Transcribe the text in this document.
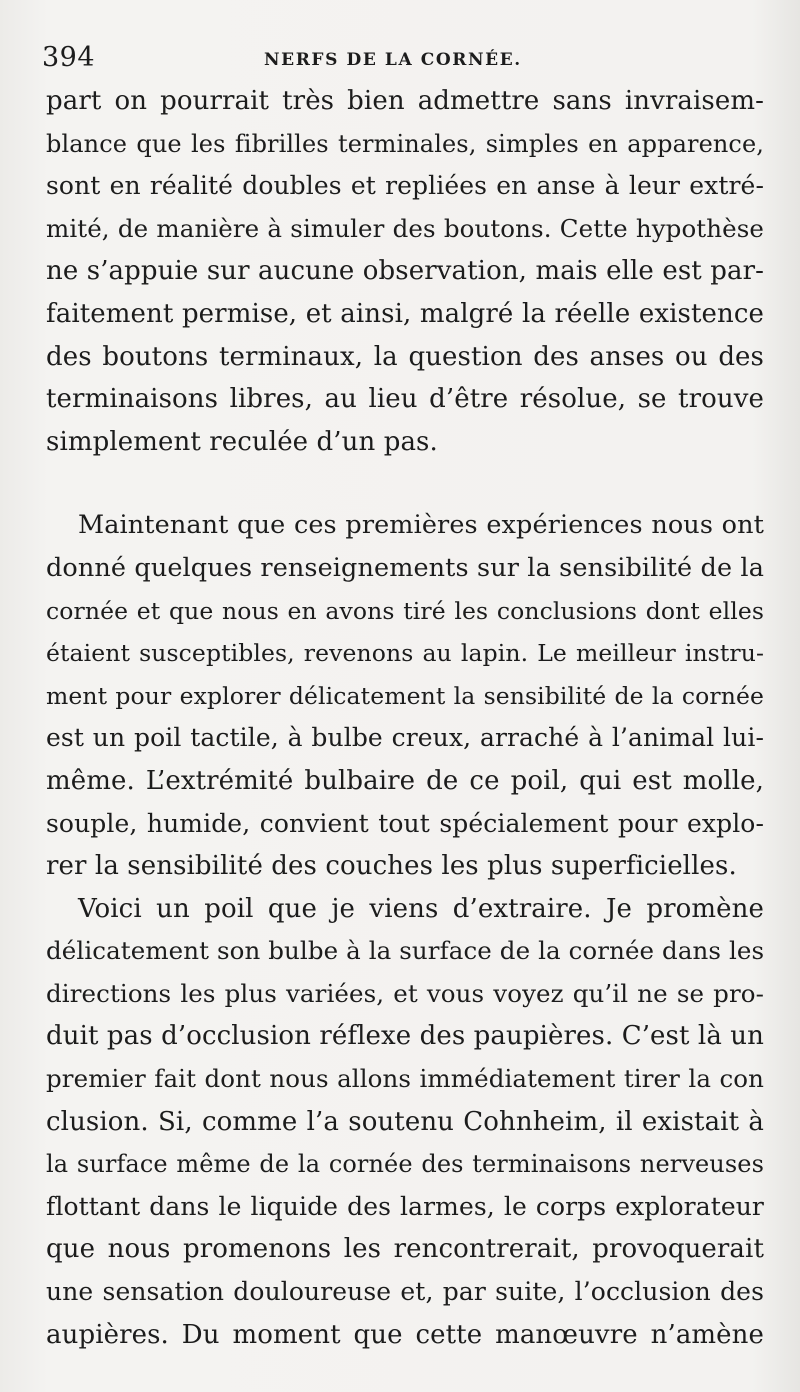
394	NERFS DE LA CORNÉE.
part on pourrait très bien admettre sans invraisem-
blance que les fibrilles terminales, simples en apparence,
sont en réalité doubles et repliées en anse à leur extré-
mité, de manière à simuler des boutons. Cette hypothèse
ne s’appuie sur aucune observation, mais elle est par-
faitement permise, et ainsi, malgré la réelle existence
des boutons terminaux, la question des anses ou des
terminaisons libres, au lieu d’être résolue, se trouve
simplement reculée d’un pas.
Maintenant que ces premières expériences nous ont
donné quelques renseignements sur la sensibilité de la
cornée et que nous en avons tiré les conclusions dont elles
étaient susceptibles, revenons au lapin. Le meilleur instru-
ment pour explorer délicatement la sensibilité de la cornée
est un poil tactile, à bulbe creux, arraché à l’animal lui-
même. L’extrémité bulbaire de ce poil, qui est molle,
souple, humide, convient tout spécialement pour explo-
rer la sensibilité des couches les plus superficielles.
Voici un poil que je viens d’extraire. Je promène
délicatement son bulbe à la surface de la cornée dans les
directions les plus variées, et vous voyez qu’il ne se pro-
duit pas d’occlusion réflexe des paupières. C’est là un
premier fait dont nous allons immédiatement tirer la con
clusion. Si, comme l’a soutenu Cohnheim, il existait à
la surface même de la cornée des terminaisons nerveuses
flottant dans le liquide des larmes, le corps explorateur
que nous promenons les rencontrerait, provoquerait
une sensation douloureuse et, par suite, l’occlusion des
aupières. Du moment que cette manœuvre n’amène
